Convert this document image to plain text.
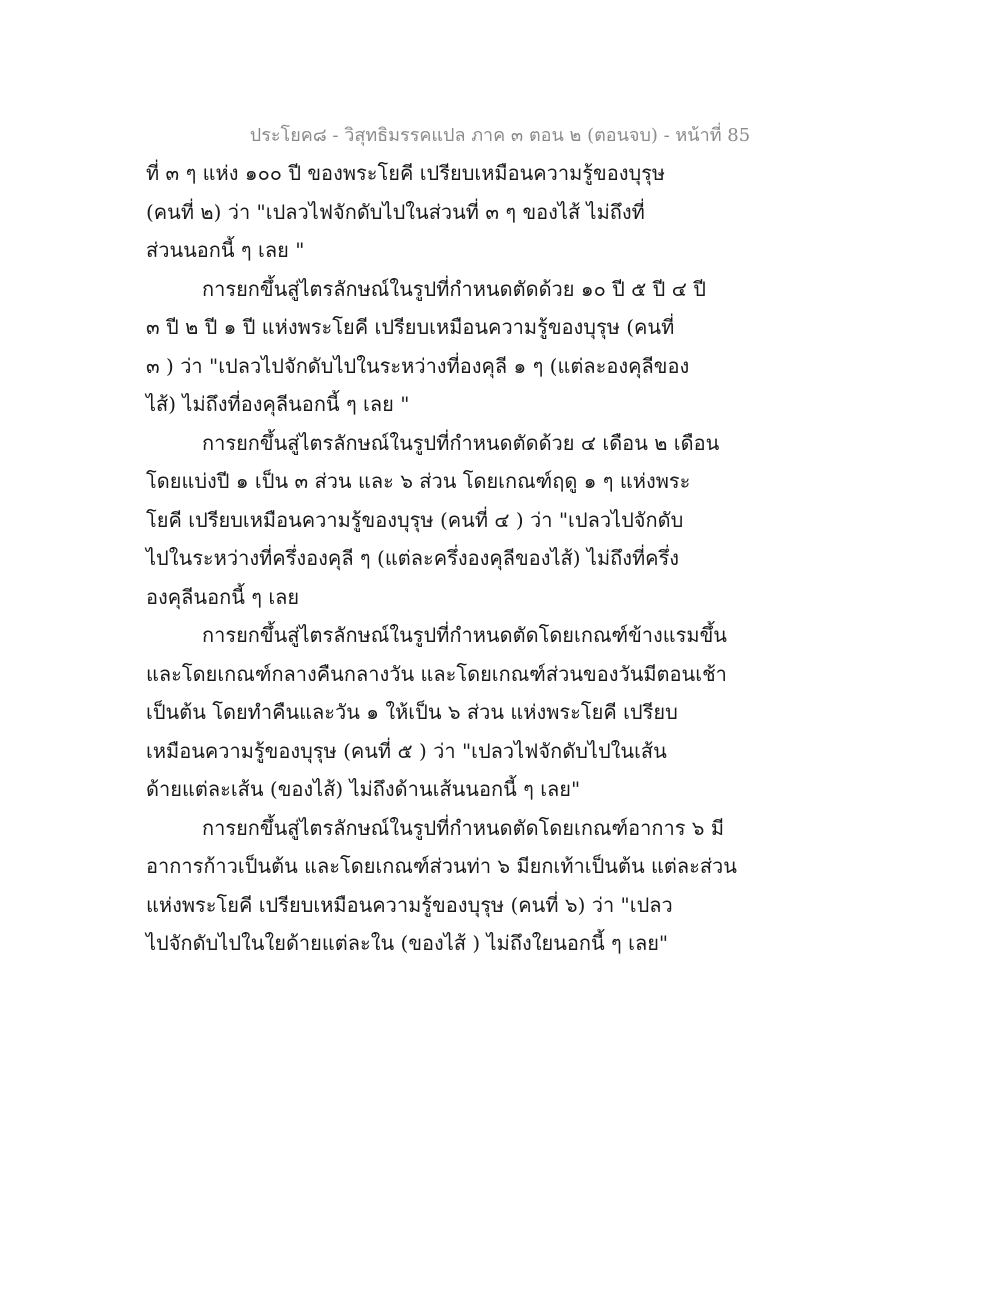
ประโยค๘ - วิสุทธิมรรคแปล ภาค ๓ ตอน ๒ (ตอนจบ) - หน้าที่ 85
ที่ ๓ ๆ แห่ง ๑๐๐ ปี ของพระโยคี เปรียบเหมือนความรู้ของบุรุษ
(คนที่ ๒) ว่า "เปลวไฟจักดับไปในส่วนที่ ๓ ๆ ของไส้ ไม่ถึงที่
ส่วนนอกนี้ ๆ เลย "
การยกขึ้นสู่ไตรลักษณ์ในรูปที่กำหนดตัดด้วย ๑๐ ปี ๕ ปี ๔ ปี
๓ ปี ๒ ปี ๑ ปี แห่งพระโยคี เปรียบเหมือนความรู้ของบุรุษ (คนที่
๓ ) ว่า "เปลวไปจักดับไปในระหว่างที่องคุลี ๑ ๆ (แต่ละองคุลีของ
ไส้) ไม่ถึงที่องคุลีนอกนี้ ๆ เลย "
การยกขึ้นสู่ไตรลักษณ์ในรูปที่กำหนดตัดด้วย ๔ เดือน ๒ เดือน
โดยแบ่งปี ๑ เป็น ๓ ส่วน และ ๖ ส่วน โดยเกณฑ์ฤดู ๑ ๆ แห่งพระ
โยคี เปรียบเหมือนความรู้ของบุรุษ (คนที่ ๔ ) ว่า "เปลวไปจักดับ
ไปในระหว่างที่ครึ่งองคุลี ๆ (แต่ละครึ่งองคุลีของไส้) ไม่ถึงที่ครึ่ง
องคุลีนอกนี้ ๆ เลย
การยกขึ้นสู่ไตรลักษณ์ในรูปที่กำหนดตัดโดยเกณฑ์ข้างแรมขึ้น
และโดยเกณฑ์กลางคืนกลางวัน และโดยเกณฑ์ส่วนของวันมีตอนเช้า
เป็นต้น โดยทำคืนและวัน ๑ ให้เป็น ๖ ส่วน แห่งพระโยคี เปรียบ
เหมือนความรู้ของบุรุษ (คนที่ ๕ ) ว่า "เปลวไฟจักดับไปในเส้น
ด้ายแต่ละเส้น (ของไส้) ไม่ถึงด้านเส้นนอกนี้ ๆ เลย"
การยกขึ้นสู่ไตรลักษณ์ในรูปที่กำหนดตัดโดยเกณฑ์อาการ ๖ มี
อาการก้าวเป็นต้น และโดยเกณฑ์ส่วนท่า ๖ มียกเท้าเป็นต้น แต่ละส่วน
แห่งพระโยคี เปรียบเหมือนความรู้ของบุรุษ (คนที่ ๖) ว่า "เปลว
ไปจักดับไปในใยด้ายแต่ละใน (ของไส้ ) ไม่ถึงใยนอกนี้ ๆ เลย"
